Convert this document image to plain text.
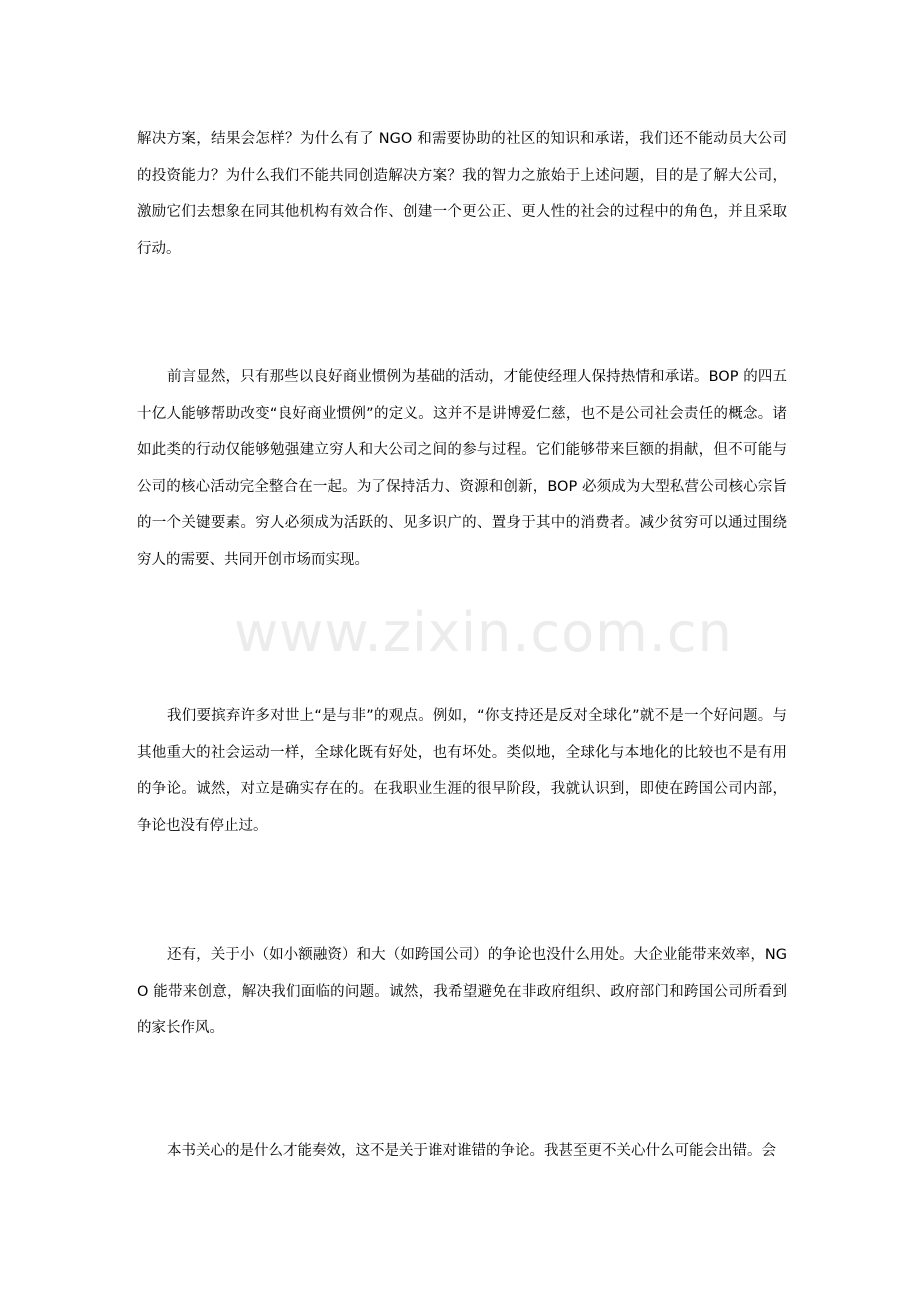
解决方案，结果会怎样？为什么有了 NGO 和需要协助的社区的知识和承诺，我们还不能动员大公司的投资能力？为什么我们不能共同创造解决方案？我的智力之旅始于上述问题，目的是了解大公司，激励它们去想象在同其他机构有效合作、创建一个更公正、更人性的社会的过程中的角色，并且采取行动。

前言显然，只有那些以良好商业惯例为基础的活动，才能使经理人保持热情和承诺。BOP 的四五十亿人能够帮助改变“良好商业惯例”的定义。这并不是讲博爱仁慈，也不是公司社会责任的概念。诸如此类的行动仅能够勉强建立穷人和大公司之间的参与过程。它们能够带来巨额的捐献，但不可能与公司的核心活动完全整合在一起。为了保持活力、资源和创新，BOP 必须成为大型私营公司核心宗旨的一个关键要素。穷人必须成为活跃的、见多识广的、置身于其中的消费者。减少贫穷可以通过围绕穷人的需要、共同开创市场而实现。

我们要摈弃许多对世上“是与非”的观点。例如，“你支持还是反对全球化”就不是一个好问题。与其他重大的社会运动一样，全球化既有好处，也有坏处。类似地，全球化与本地化的比较也不是有用的争论。诚然，对立是确实存在的。在我职业生涯的很早阶段，我就认识到，即使在跨国公司内部，争论也没有停止过。

还有，关于小（如小额融资）和大（如跨国公司）的争论也没什么用处。大企业能带来效率，NGO 能带来创意，解决我们面临的问题。诚然，我希望避免在非政府组织、政府部门和跨国公司所看到的家长作风。

本书关心的是什么才能奏效，这不是关于谁对谁错的争论。我甚至更不关心什么可能会出错。会

www.zixin.com.cn
